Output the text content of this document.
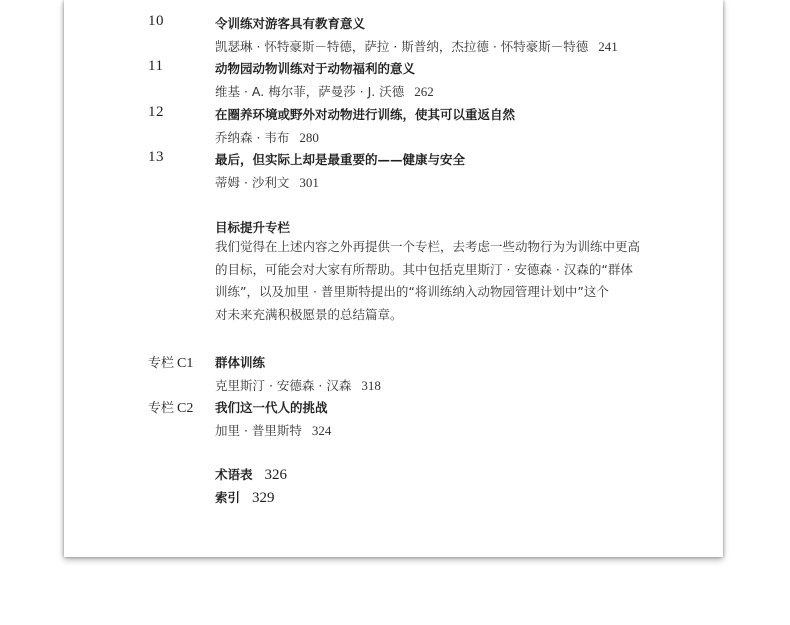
10	令训练对游客具有教育意义
凯瑟琳 · 怀特豪斯－特德，萨拉 · 斯普纳，杰拉德 · 怀特豪斯－特德 241
11	动物园动物训练对于动物福利的意义
维基 · A. 梅尔菲，萨曼莎 · J. 沃德 262
12	在圈养环境或野外对动物进行训练，使其可以重返自然
乔纳森 · 韦布 280
13	最后，但实际上却是最重要的——健康与安全
蒂姆 · 沙利文 301
目标提升专栏
我们觉得在上述内容之外再提供一个专栏，去考虑一些动物行为为训练中更高
的目标，可能会对大家有所帮助。其中包括克里斯汀 · 安德森 · 汉森的“群体
训练”，以及加里 · 普里斯特提出的“将训练纳入动物园管理计划中”这个
对未来充满积极愿景的总结篇章。
专栏 C1 群体训练
克里斯汀 · 安德森 · 汉森 318
专栏 C2 我们这一代人的挑战
加里 · 普里斯特 324
术语表 326
索引 329
